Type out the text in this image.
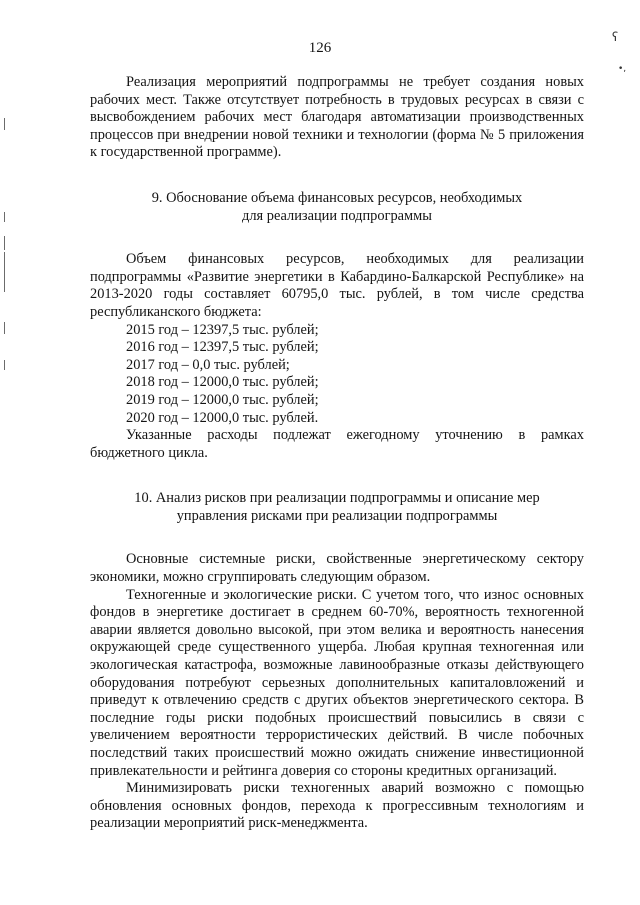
126
ʕ
•,

Реализация мероприятий подпрограммы не требует создания новых рабочих мест. Также отсутствует потребность в трудовых ресурсах в связи с высвобождением рабочих мест благодаря автоматизации производственных процессов при внедрении новой техники и технологии (форма № 5 приложения к государственной программе).

9. Обоснование объема финансовых ресурсов, необходимых

для реализации подпрограммы

Объем финансовых ресурсов, необходимых для реализации подпрограммы «Развитие энергетики в Кабардино-Балкарской Республике» на 2013-2020 годы составляет 60795,0 тыс. рублей, в том числе средства республиканского бюджета:

2015 год – 12397,5 тыс. рублей;

2016 год – 12397,5 тыс. рублей;

2017 год – 0,0 тыс. рублей;

2018 год – 12000,0 тыс. рублей;

2019 год – 12000,0 тыс. рублей;

2020 год – 12000,0 тыс. рублей.

Указанные расходы подлежат ежегодному уточнению в рамках бюджетного цикла.

10. Анализ рисков при реализации подпрограммы и описание мер

управления рисками при реализации подпрограммы

Основные системные риски, свойственные энергетическому сектору экономики, можно сгруппировать следующим образом.

Техногенные и экологические риски. С учетом того, что износ основных фондов в энергетике достигает в среднем 60-70%, вероятность техногенной аварии является довольно высокой, при этом велика и вероятность нанесения окружающей среде существенного ущерба. Любая крупная техногенная или экологическая катастрофа, возможные лавинообразные отказы действующего оборудования потребуют серьезных дополнительных капиталовложений и приведут к отвлечению средств с других объектов энергетического сектора. В последние годы риски подобных происшествий повысились в связи с увеличением вероятности террористических действий. В числе побочных последствий таких происшествий можно ожидать снижение инвестиционной привлекательности и рейтинга доверия со стороны кредитных организаций.

Минимизировать риски техногенных аварий возможно с помощью обновления основных фондов, перехода к прогрессивным технологиям и реализации мероприятий риск-менеджмента.
